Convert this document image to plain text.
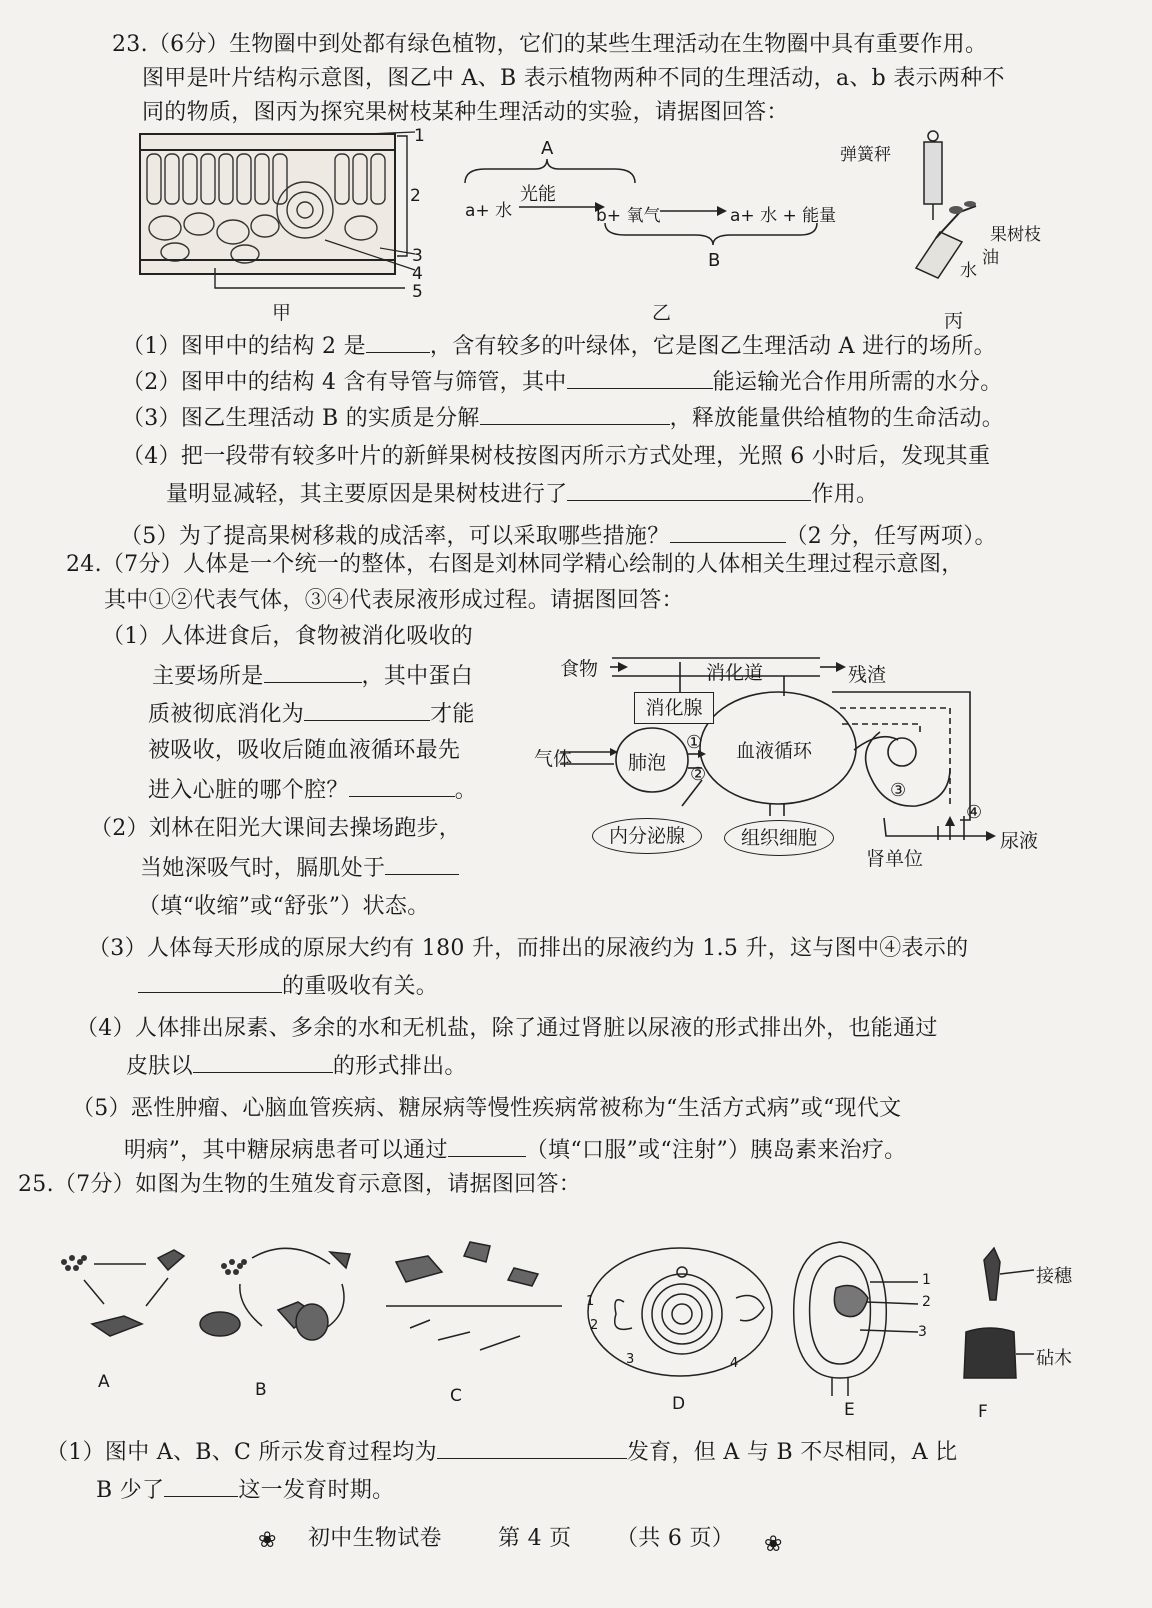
23.（6分）生物圈中到处都有绿色植物，它们的某些生理活动在生物圈中具有重要作用。
图甲是叶片结构示意图，图乙中 A、B 表示植物两种不同的生理活动，a、b 表示两种不
同的物质，图丙为探究果树枝某种生理活动的实验，请据图回答：
1
2
3
4
5
甲
A
a+ 水
光能
b+ 氧气	a+ 水 + 能量
B
乙
弹簧秤
果树枝
油
水
丙
（1）图甲中的结构 2 是	，含有较多的叶绿体，它是图乙生理活动 A 进行的场所。
（2）图甲中的结构 4 含有导管与筛管，其中	能运输光合作用所需的水分。
（3）图乙生理活动 B 的实质是分解	，释放能量供给植物的生命活动。
（4）把一段带有较多叶片的新鲜果树枝按图丙所示方式处理，光照 6 小时后，发现其重
量明显减轻，其主要原因是果树枝进行了	作用。
（5）为了提高果树移栽的成活率，可以采取哪些措施？	（2 分，任写两项）。
24.（7分）人体是一个统一的整体，右图是刘林同学精心绘制的人体相关生理过程示意图，
其中①②代表气体，③④代表尿液形成过程。请据图回答：
（1）人体进食后，食物被消化吸收的
主要场所是	，其中蛋白
质被彻底消化为	才能
被吸收，吸收后随血液循环最先
进入心脏的哪个腔？	。
（2）刘林在阳光大课间去操场跑步，
当她深吸气时，膈肌处于
（填“收缩”或“舒张”）状态。
食物	消化道	残渣
消化腺
气体	肺泡
①
②
血液循环
③
④
内分泌腺	组织细胞
肾单位
尿液
（3）人体每天形成的原尿大约有 180 升，而排出的尿液约为 1.5 升，这与图中④表示的
的重吸收有关。
（4）人体排出尿素、多余的水和无机盐，除了通过肾脏以尿液的形式排出外，也能通过
皮肤以	的形式排出。
（5）恶性肿瘤、心脑血管疾病、糖尿病等慢性疾病常被称为“生活方式病”或“现代文
明病”，其中糖尿病患者可以通过	（填“口服”或“注射”）胰岛素来治疗。
25.（7分）如图为生物的生殖发育示意图，请据图回答：
A	B	C	D	E	F
1
2
3	4
1
2
3
接穗
砧木
（1）图中 A、B、C 所示发育过程均为	发育，但 A 与 B 不尽相同，A 比
B 少了	这一发育时期。
❀ 初中生物试卷	第 4 页 （共 6 页） ❀
